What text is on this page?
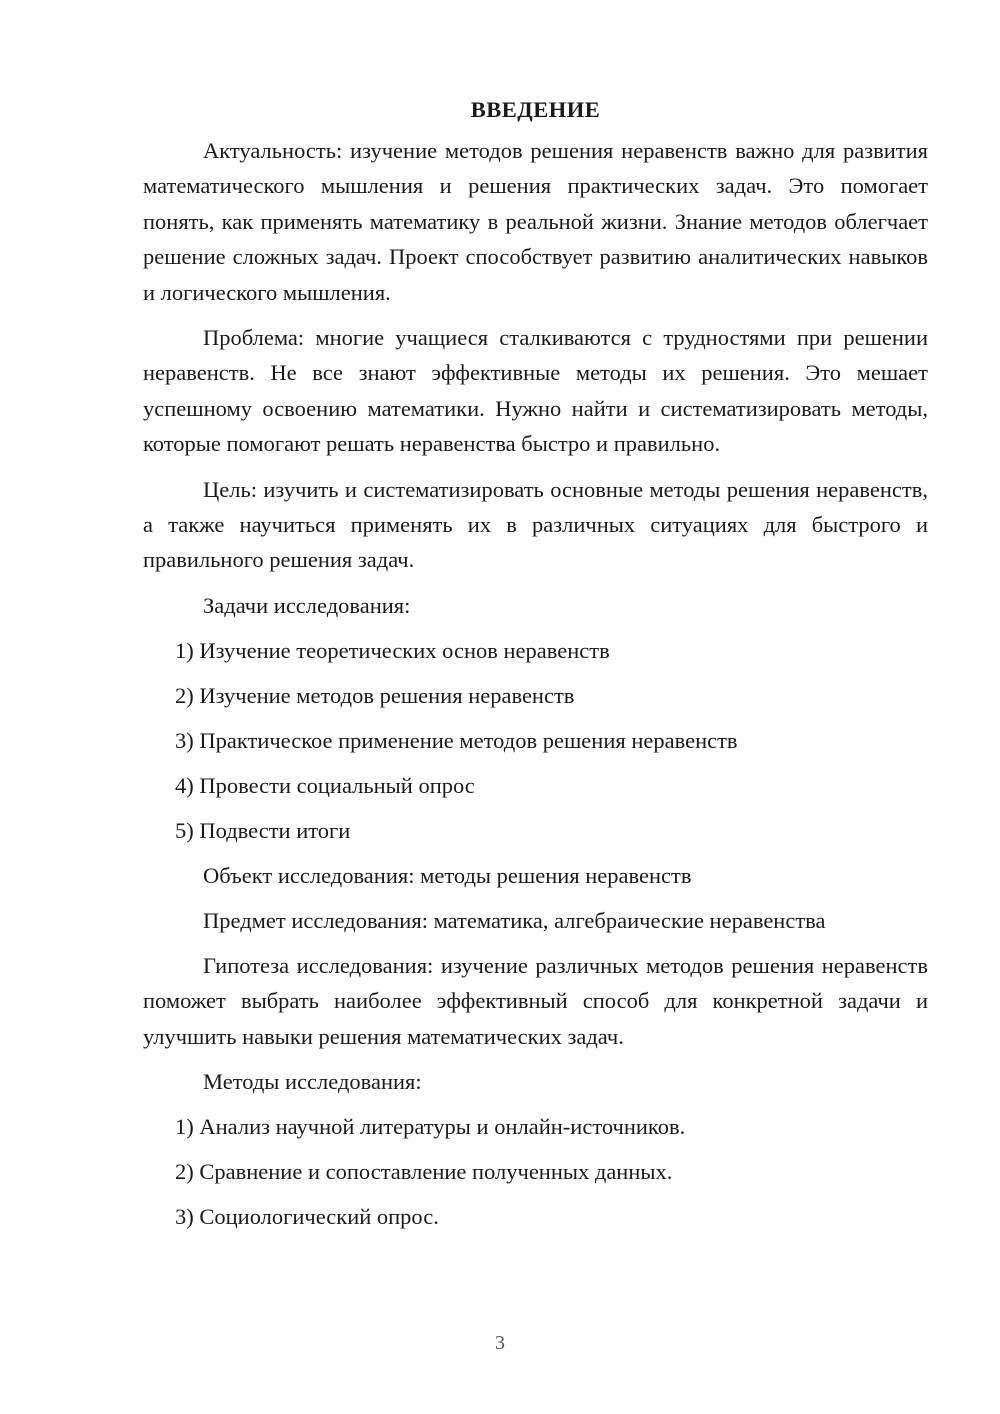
ВВЕДЕНИЕ

Актуальность: изучение методов решения неравенств важно для развития математического мышления и решения практических задач. Это помогает понять, как применять математику в реальной жизни. Знание методов облегчает решение сложных задач. Проект способствует развитию аналитических навыков и логического мышления.

Проблема: многие учащиеся сталкиваются с трудностями при решении неравенств. Не все знают эффективные методы их решения. Это мешает успешному освоению математики. Нужно найти и систематизировать методы, которые помогают решать неравенства быстро и правильно.

Цель: изучить и систематизировать основные методы решения неравенств, а также научиться применять их в различных ситуациях для быстрого и правильного решения задач.

Задачи исследования:
1) Изучение теоретических основ неравенств
2) Изучение методов решения неравенств
3) Практическое применение методов решения неравенств
4) Провести социальный опрос
5) Подвести итоги
Объект исследования: методы решения неравенств
Предмет исследования: математика, алгебраические неравенства

Гипотеза исследования: изучение различных методов решения неравенств поможет выбрать наиболее эффективный способ для конкретной задачи и улучшить навыки решения математических задач.

Методы исследования:
1) Анализ научной литературы и онлайн-источников.
2) Сравнение и сопоставление полученных данных.
3) Социологический опрос.
3
